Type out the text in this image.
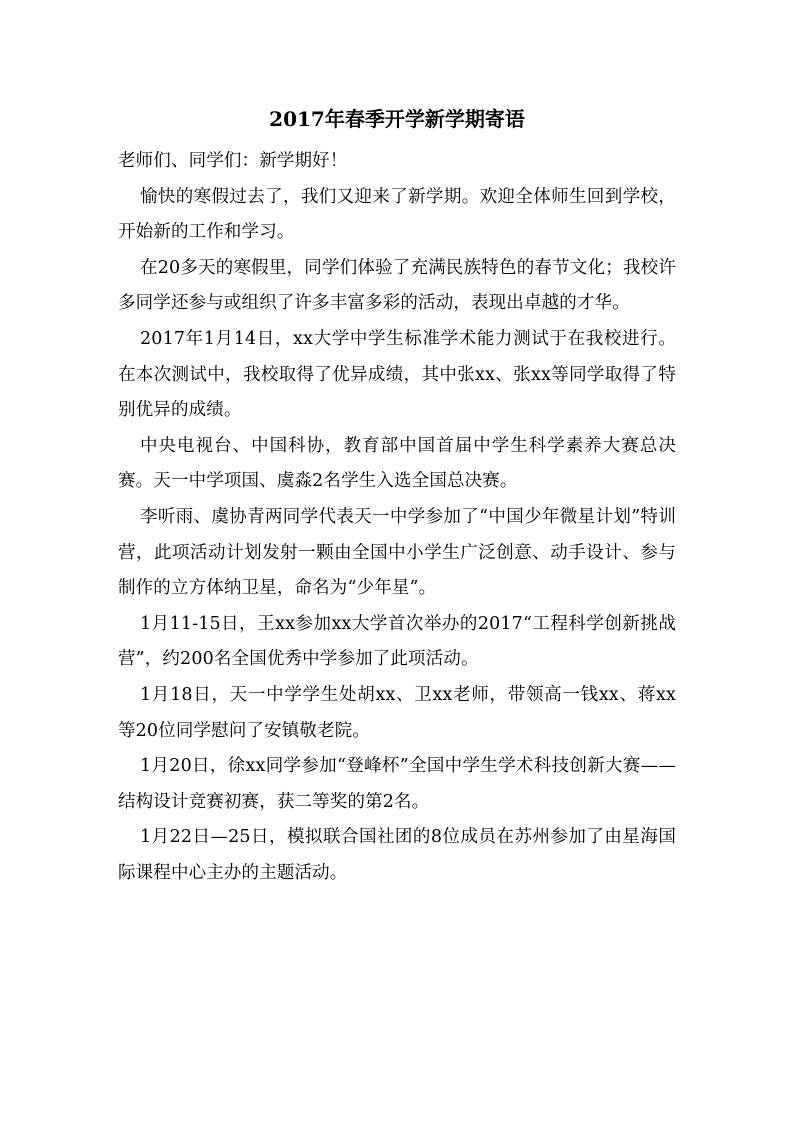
2017年春季开学新学期寄语

老师们、同学们：新学期好！

愉快的寒假过去了，我们又迎来了新学期。欢迎全体师生回到学校，开始新的工作和学习。

在20多天的寒假里，同学们体验了充满民族特色的春节文化；我校许多同学还参与或组织了许多丰富多彩的活动，表现出卓越的才华。

2017年1月14日，xx大学中学生标准学术能力测试于在我校进行。在本次测试中，我校取得了优异成绩，其中张xx、张xx等同学取得了特别优异的成绩。

中央电视台、中国科协，教育部中国首届中学生科学素养大赛总决赛。天一中学项国、虞淼2名学生入选全国总决赛。

李听雨、虞协青两同学代表天一中学参加了“中国少年微星计划”特训营，此项活动计划发射一颗由全国中小学生广泛创意、动手设计、参与制作的立方体纳卫星，命名为“少年星”。

1月11-15日，王xx参加xx大学首次举办的2017“工程科学创新挑战营”，约200名全国优秀中学参加了此项活动。

1月18日，天一中学学生处胡xx、卫xx老师，带领高一钱xx、蒋xx等20位同学慰问了安镇敬老院。

1月20日，徐xx同学参加“登峰杯”全国中学生学术科技创新大赛——结构设计竞赛初赛，获二等奖的第2名。

1月22日—25日，模拟联合国社团的8位成员在苏州参加了由星海国际课程中心主办的主题活动。
